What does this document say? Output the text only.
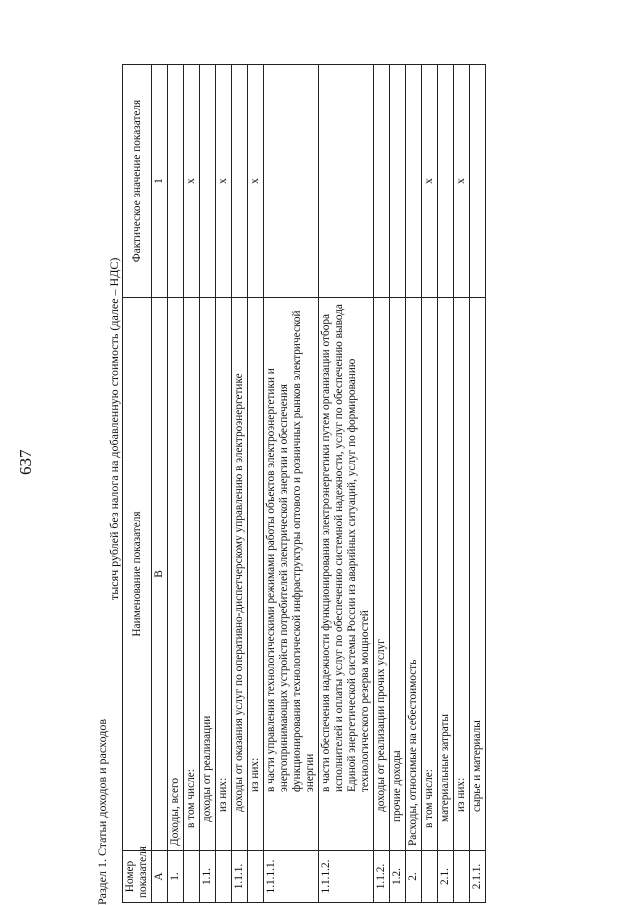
637
Раздел 1. Статьи доходов и расходов
тысяч рублей без налога на добавленную стоимость (далее – НДС)
Номер показателя	Наименование показателя	Фактическое значение показателя
А	В	1
1.	Доходы, всего	
	в том числе:	x
1.1.	доходы от реализации	
	из них:	x
1.1.1.	доходы от оказания услуг по оперативно-диспетчерскому управлению в электроэнергетике	
	из них:	x
1.1.1.1.	в части управления технологическими режимами работы объектов электроэнергетики и энергопринимающих устройств потребителей электрической энергии и обеспечения функционирования технологической инфраструктуры оптового и розничных рынков электрической энергии	
1.1.1.2.	в части обеспечения надежности функционирования электроэнергетики путем организации отбора исполнителей и оплаты услуг по обеспечению системной надежности, услуг по обеспечению вывода Единой энергетической системы России из аварийных ситуаций, услуг по формированию технологического резерва мощностей	
1.1.2.	доходы от реализации прочих услуг	
1.2.	прочие доходы	
2.	Расходы, относимые на себестоимость	
	в том числе:	x
2.1.	материальные затраты	
	из них:	x
2.1.1.	сырье и материалы	
